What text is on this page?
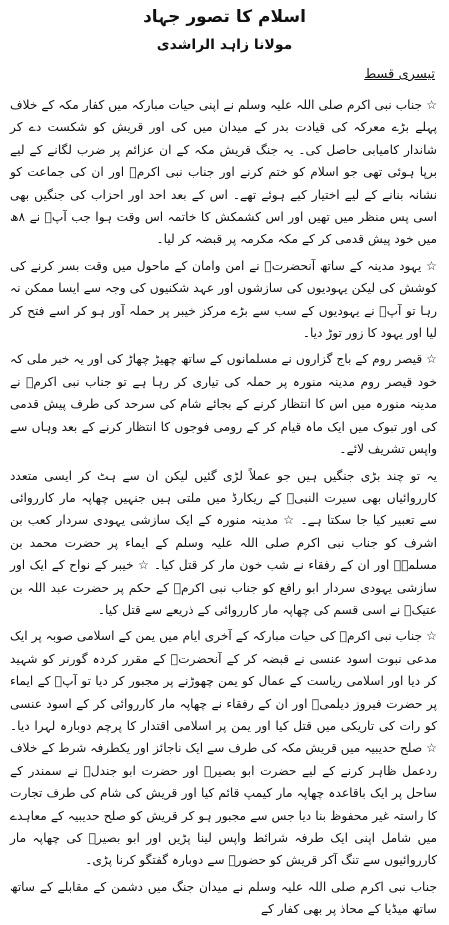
اسلام کا تصور جہاد
مولانا زاہد الراشدی
تیسری قسط

☆ جناب نبی اکرم صلی اللہ علیہ وسلم نے اپنی حیات مبارکہ میں کفار مکہ کے خلاف پہلے بڑے معرکہ کی قیادت بدر کے میدان میں کی اور قریش کو شکست دے کر شاندار کامیابی حاصل کی۔ یہ جنگ قریش مکہ کے ان عزائم پر ضرب لگانے کے لیے برپا ہوئی تھی جو اسلام کو ختم کرنے اور جناب نبی اکرمؐ اور ان کی جماعت کو نشانہ بنانے کے لیے اختیار کیے ہوئے تھے۔ اس کے بعد احد اور احزاب کی جنگیں بھی اسی پس منظر میں تھیں اور اس کشمکش کا خاتمہ اس وقت ہوا جب آپؐ نے ۸ھ میں خود پیش قدمی کر کے مکہ مکرمہ پر قبضہ کر لیا۔

☆ یہود مدینہ کے ساتھ آنحضرتؐ نے امن وامان کے ماحول میں وقت بسر کرنے کی کوشش کی لیکن یہودیوں کی سازشوں اور عہد شکنیوں کی وجہ سے ایسا ممکن نہ رہا تو آپؐ نے یہودیوں کے سب سے بڑے مرکز خیبر پر حملہ آور ہو کر اسے فتح کر لیا اور یہود کا زور توڑ دیا۔

☆ قیصر روم کے باج گزاروں نے مسلمانوں کے ساتھ چھیڑ چھاڑ کی اور یہ خبر ملی کہ خود قیصر روم مدینہ منورہ پر حملہ کی تیاری کر رہا ہے تو جناب نبی اکرمؐ نے مدینہ منورہ میں اس کا انتظار کرنے کے بجائے شام کی سرحد کی طرف پیش قدمی کی اور تبوک میں ایک ماہ قیام کر کے رومی فوجوں کا انتظار کرنے کے بعد وہاں سے واپس تشریف لائے۔

یہ تو چند بڑی جنگیں ہیں جو عملاً لڑی گئیں لیکن ان سے ہٹ کر ایسی متعدد کارروائیاں بھی سیرت النبیؐ کے ریکارڈ میں ملتی ہیں جنہیں چھاپہ مار کارروائی سے تعبیر کیا جا سکتا ہے۔ ☆ مدینہ منورہ کے ایک سازشی یہودی سردار کعب بن اشرف کو جناب نبی اکرم صلی اللہ علیہ وسلم کے ایماء پر حضرت محمد بن مسلمہؓ اور ان کے رفقاء نے شب خون مار کر قتل کیا۔ ☆ خیبر کے نواح کے ایک اور سازشی یہودی سردار ابو رافع کو جناب نبی اکرمؐ کے حکم پر حضرت عبد اللہ بن عتیکؓ نے اسی قسم کی چھاپہ مار کارروائی کے ذریعے سے قتل کیا۔

☆ جناب نبی اکرمؐ کی حیات مبارکہ کے آخری ایام میں یمن کے اسلامی صوبہ پر ایک مدعی نبوت اسود عنسی نے قبضہ کر کے آنحضرتؐ کے مقرر کردہ گورنر کو شہید کر دیا اور اسلامی ریاست کے عمال کو یمن چھوڑنے پر مجبور کر دیا تو آپؐ کے ایماء پر حضرت فیروز دیلمیؓ اور ان کے رفقاء نے چھاپہ مار کارروائی کر کے اسود عنسی کو رات کی تاریکی میں قتل کیا اور یمن پر اسلامی اقتدار کا پرچم دوبارہ لہرا دیا۔ ☆ صلح حدیبیہ میں قریش مکہ کی طرف سے ایک ناجائز اور یکطرفہ شرط کے خلاف ردعمل ظاہر کرنے کے لیے حضرت ابو بصیرؓ اور حضرت ابو جندلؓ نے سمندر کے ساحل پر ایک باقاعدہ چھاپہ مار کیمپ قائم کیا اور قریش کی شام کی طرف تجارت کا راستہ غیر محفوظ بنا دیا جس سے مجبور ہو کر قریش کو صلح حدیبیہ کے معاہدے میں شامل اپنی ایک طرفہ شرائط واپس لینا پڑیں اور ابو بصیرؓ کی چھاپہ مار کارروائیوں سے تنگ آکر قریش کو حضورؐ سے دوبارہ گفتگو کرنا پڑی۔

جناب نبی اکرم صلی اللہ علیہ وسلم نے میدان جنگ میں دشمن کے مقابلے کے ساتھ ساتھ میڈیا کے محاذ پر بھی کفار کے
